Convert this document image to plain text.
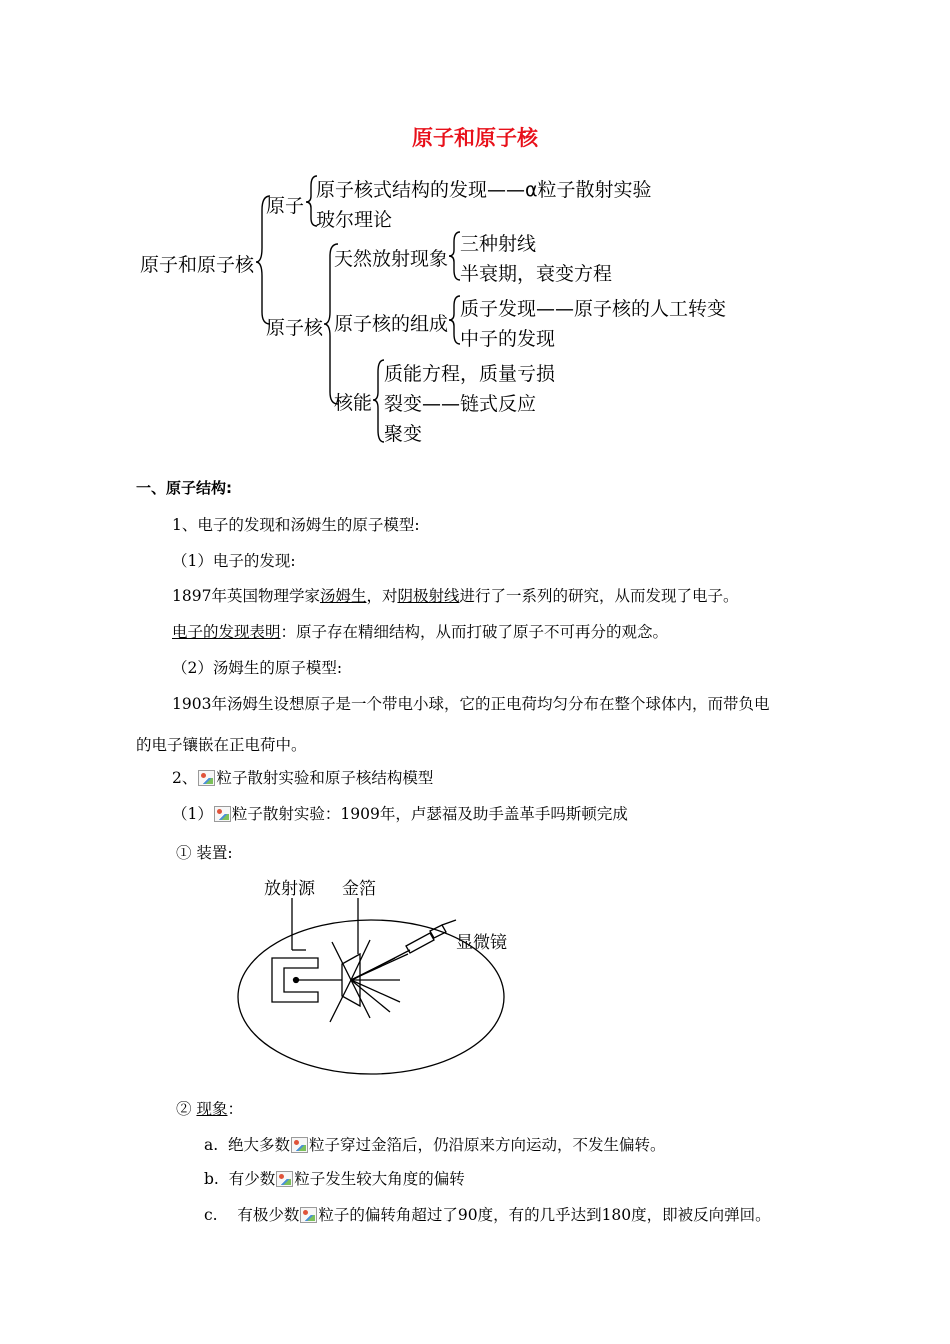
原子和原子核
原子和原子核
原子
原子核式结构的发现——α粒子散射实验
玻尔理论
原子核
天然放射现象
三种射线
半衰期，衰变方程
原子核的组成
质子发现——原子核的人工转变
中子的发现
核能
质能方程，质量亏损
裂变——链式反应
聚变
一、原子结构:
1、电子的发现和汤姆生的原子模型:
（1）电子的发现:
1897年英国物理学家汤姆生，对阴极射线进行了一系列的研究，从而发现了电子。
电子的发现表明：原子存在精细结构，从而打破了原子不可再分的观念。
（2）汤姆生的原子模型:
1903年汤姆生设想原子是一个带电小球，它的正电荷均匀分布在整个球体内，而带负电
的电子镶嵌在正电荷中。
2、 粒子散射实验和原子核结构模型
（1） 粒子散射实验：1909年，卢瑟福及助手盖革手吗斯顿完成
① 装置:
放射源 金箔
显微镜
② 现象：
a. 绝大多数 粒子穿过金箔后，仍沿原来方向运动，不发生偏转。
b. 有少数 粒子发生较大角度的偏转
c. 有极少数 粒子的偏转角超过了90度，有的几乎达到180度，即被反向弹回。
